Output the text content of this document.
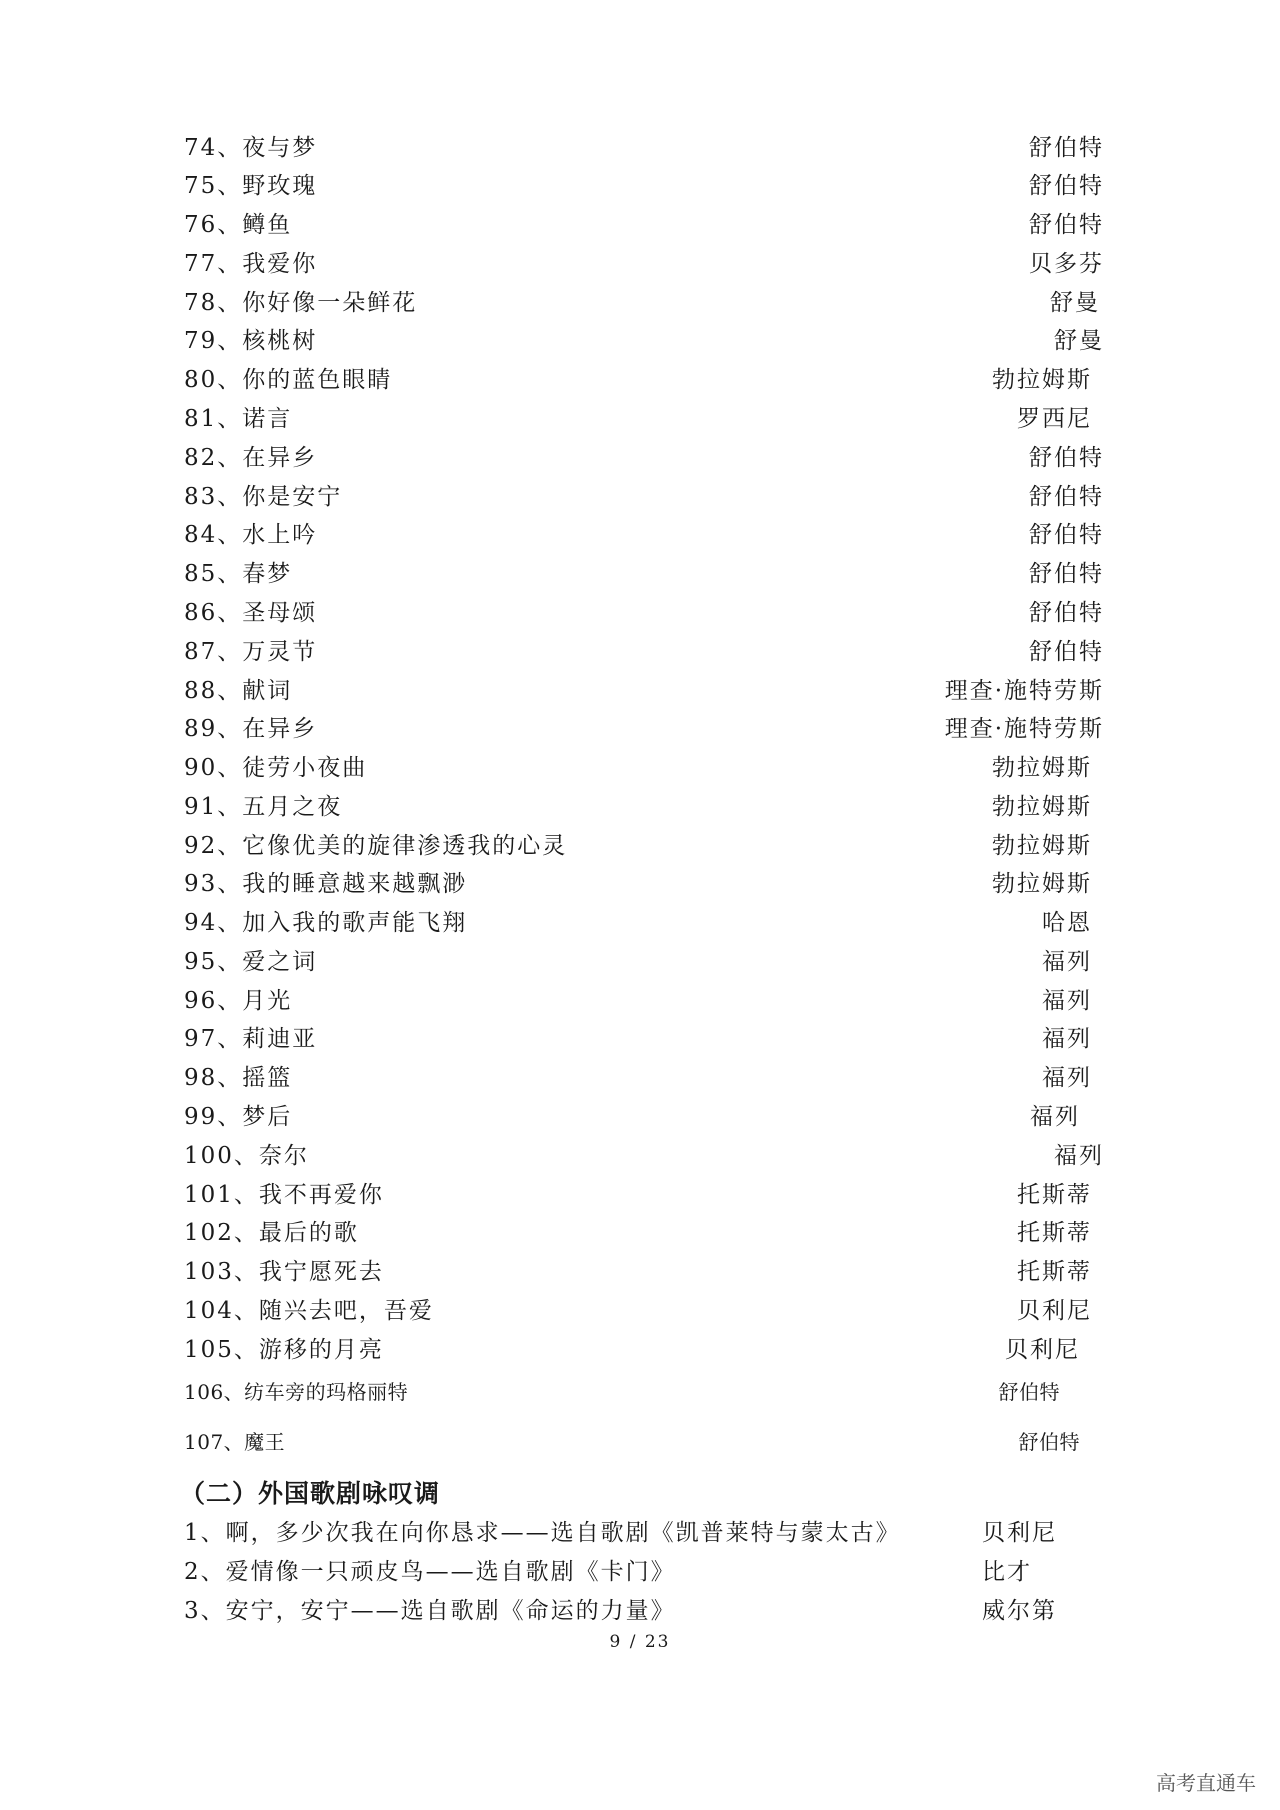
74、夜与梦	舒伯特
75、野玫瑰	舒伯特
76、鳟鱼	舒伯特
77、我爱你	贝多芬
78、你好像一朵鲜花	舒曼
79、核桃树	舒曼
80、你的蓝色眼睛	勃拉姆斯
81、诺言	罗西尼
82、在异乡	舒伯特
83、你是安宁	舒伯特
84、水上吟	舒伯特
85、春梦	舒伯特
86、圣母颂	舒伯特
87、万灵节	舒伯特
88、献词	理查·施特劳斯
89、在异乡	理查·施特劳斯
90、徒劳小夜曲	勃拉姆斯
91、五月之夜	勃拉姆斯
92、它像优美的旋律渗透我的心灵	勃拉姆斯
93、我的睡意越来越飘渺	勃拉姆斯
94、加入我的歌声能飞翔	哈恩
95、爱之词	福列
96、月光	福列
97、莉迪亚	福列
98、摇篮	福列
99、梦后	福列
100、奈尔	福列
101、我不再爱你	托斯蒂
102、最后的歌	托斯蒂
103、我宁愿死去	托斯蒂
104、随兴去吧，吾爱	贝利尼
105、游移的月亮	贝利尼
106、纺车旁的玛格丽特	舒伯特
107、魔王	舒伯特
（二）外国歌剧咏叹调
1、啊，多少次我在向你恳求——选自歌剧《凯普莱特与蒙太古》	贝利尼
2、爱情像一只顽皮鸟——选自歌剧《卡门》	比才
3、安宁，安宁——选自歌剧《命运的力量》	威尔第
9 / 23
高考直通车
